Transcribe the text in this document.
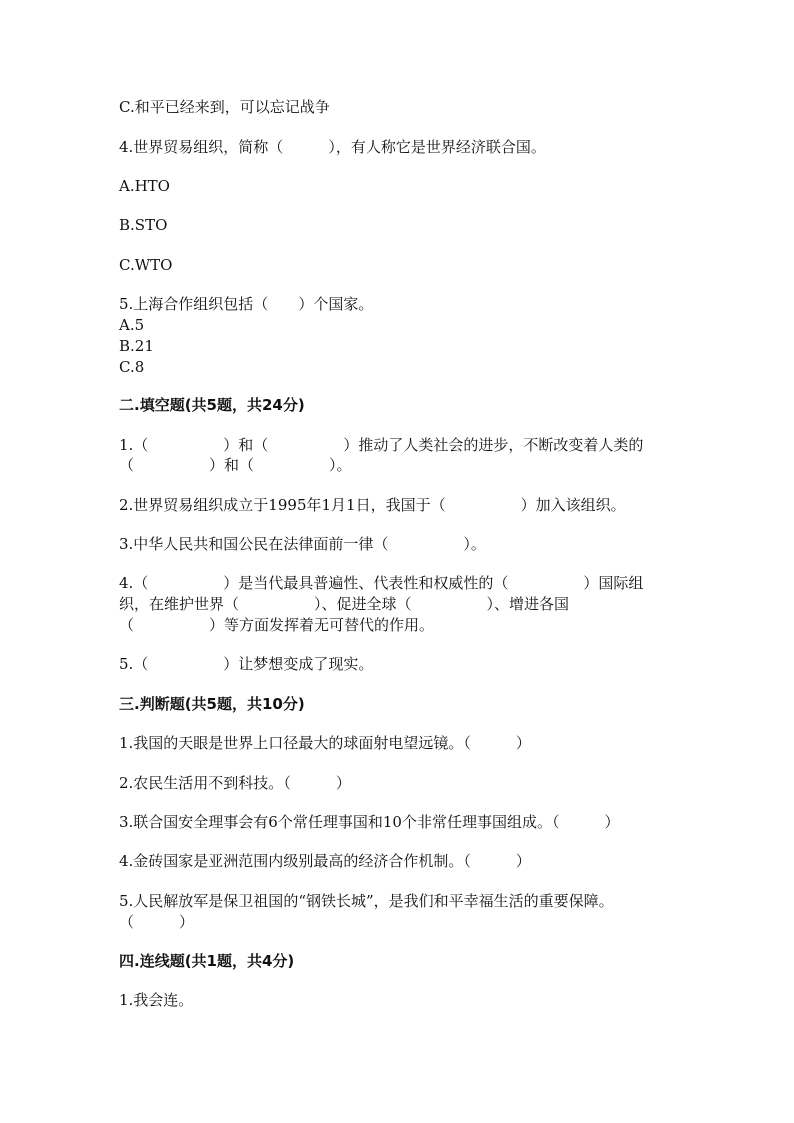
C.和平已经来到，可以忘记战争
4.世界贸易组织，简称（　　　），有人称它是世界经济联合国。
A.HTO
B.STO
C.WTO
5.上海合作组织包括（　　）个国家。
A.5
B.21
C.8
二.填空题(共5题，共24分)
1.（　　　　　）和（　　　　　）推动了人类社会的进步，不断改变着人类的
（　　　　　）和（　　　　　）。
2.世界贸易组织成立于1995年1月1日，我国于（　　　　　）加入该组织。
3.中华人民共和国公民在法律面前一律（　　　　　）。
4.（　　　　　）是当代最具普遍性、代表性和权威性的（　　　　　）国际组
织，在维护世界（　　　　　）、促进全球（　　　　　）、增进各国
（　　　　　）等方面发挥着无可替代的作用。
5.（　　　　　）让梦想变成了现实。
三.判断题(共5题，共10分)
1.我国的天眼是世界上口径最大的球面射电望远镜。（　　　）
2.农民生活用不到科技。（　　　）
3.联合国安全理事会有6个常任理事国和10个非常任理事国组成。（　　　）
4.金砖国家是亚洲范围内级别最高的经济合作机制。（　　　）
5.人民解放军是保卫祖国的“钢铁长城”，是我们和平幸福生活的重要保障。
（　　　）
四.连线题(共1题，共4分)
1.我会连。
